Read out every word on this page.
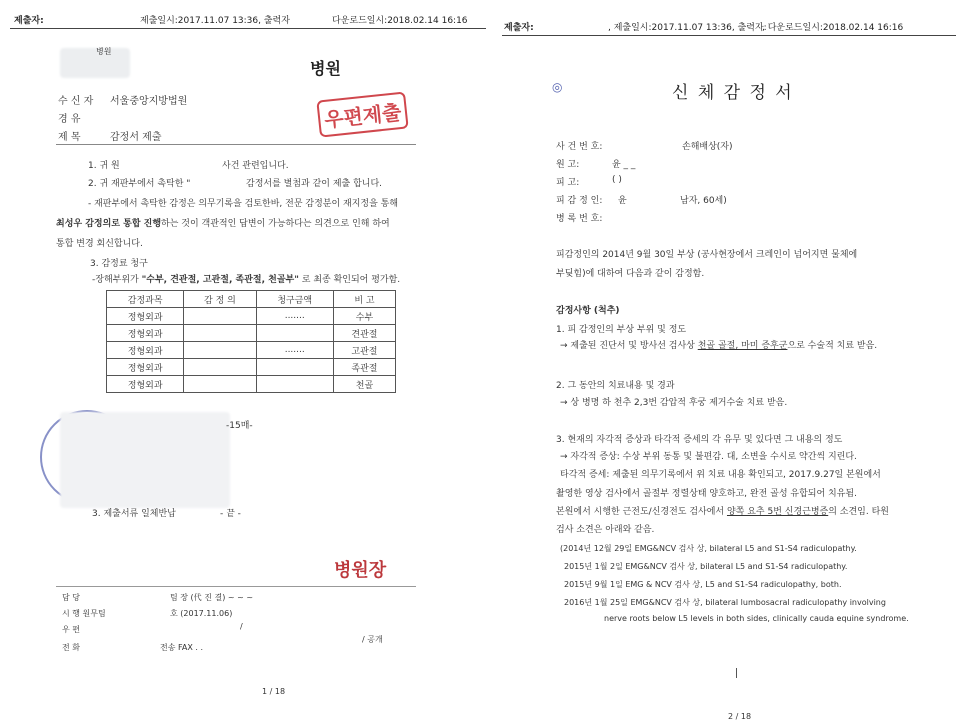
제출자:	제출일시:2017.11.07 13:36, 출력자	다운로드일시:2018.02.14 16:16
병원
병원
수 신 자 서울중앙지방법원
경 유
제 목	감정서 제출
우편제출
1. 귀 원	사건 관련입니다.
2. 귀 재판부에서 촉탁한 "	감정서를 별첨과 같이 제출 합니다.
- 재판부에서 촉탁한 감정은 의무기록을 검토한바, 전문 감정분이 재지정을 통해
최성우 감정의로 통합 진행하는 것이 객관적인 답변이 가능하다는 의견으로 인해 하여
통합 변경 회신합니다.
3. 감정료 청구
-장해부위가 "수부, 견관절, 고관절, 족관절, 천골부" 로 최종 확인되어 평가함.
감정과목	감 정 의	청구금액	비 고
정형외과		.......	수부
정형외과			견관절
정형외과		.......	고관절
정형외과			족관절
정형외과			천골
-15매-
3. 제출서류 일체반납	- 끝 -
병원장
담 당	팀 장 (代 진 결) ~ ~ ~
시 행 원무팀	호 (2017.11.06)
우 편	/
전 화	전송 FAX . .
/ 공개
1 / 18
제출자:	, 제출일시:2017.11.07 13:36, 출력자:
, 다운로드일시:2018.02.14 16:16
◎	신 체 감 정 서
사 건 번 호:	손해배상(자)
원 고:	윤 _ _
피 고:	( )
피 감 정 인: 윤	남자, 60세)
병 록 번 호:
피감정인의 2014년 9월 30일 부상 (공사현장에서 크레인이 넘어지면 물체에
부딪힘)에 대하여 다음과 같이 감정함.
감정사항 (척추)
1. 피 감정인의 부상 부위 및 정도
→ 제출된 진단서 및 방사선 검사상 천골 골절, 마미 증후군으로 수술적 치료 받음.
2. 그 동안의 치료내용 및 경과
→ 상 병명 하 천추 2,3번 감압적 후궁 제거수술 치료 받음.
3. 현재의 자각적 증상과 타각적 증세의 각 유무 및 있다면 그 내용의 정도
→ 자각적 증상: 수상 부위 동통 및 불편감. 대, 소변을 수시로 약간씩 지린다.
타각적 증세: 제출된 의무기록에서 위 치료 내용 확인되고, 2017.9.27일 본원에서
촬영한 영상 검사에서 골절부 정렬상태 양호하고, 완전 골성 유합되어 치유됨.
본원에서 시행한 근전도/신경전도 검사에서 양쪽 요추 5번 신경근병증의 소견임. 타원
검사 소견은 아래와 같음.
(2014년 12월 29일 EMG&NCV 검사 상, bilateral L5 and S1-S4 radiculopathy.
2015년 1월 2일 EMG&NCV 검사 상, bilateral L5 and S1-S4 radiculopathy.
2015년 9월 1일 EMG & NCV 검사 상, L5 and S1-S4 radiculopathy, both.
2016년 1월 25일 EMG&NCV 검사 상, bilateral lumbosacral radiculopathy involving
nerve roots below L5 levels in both sides, clinically cauda equine syndrome.
2 / 18
